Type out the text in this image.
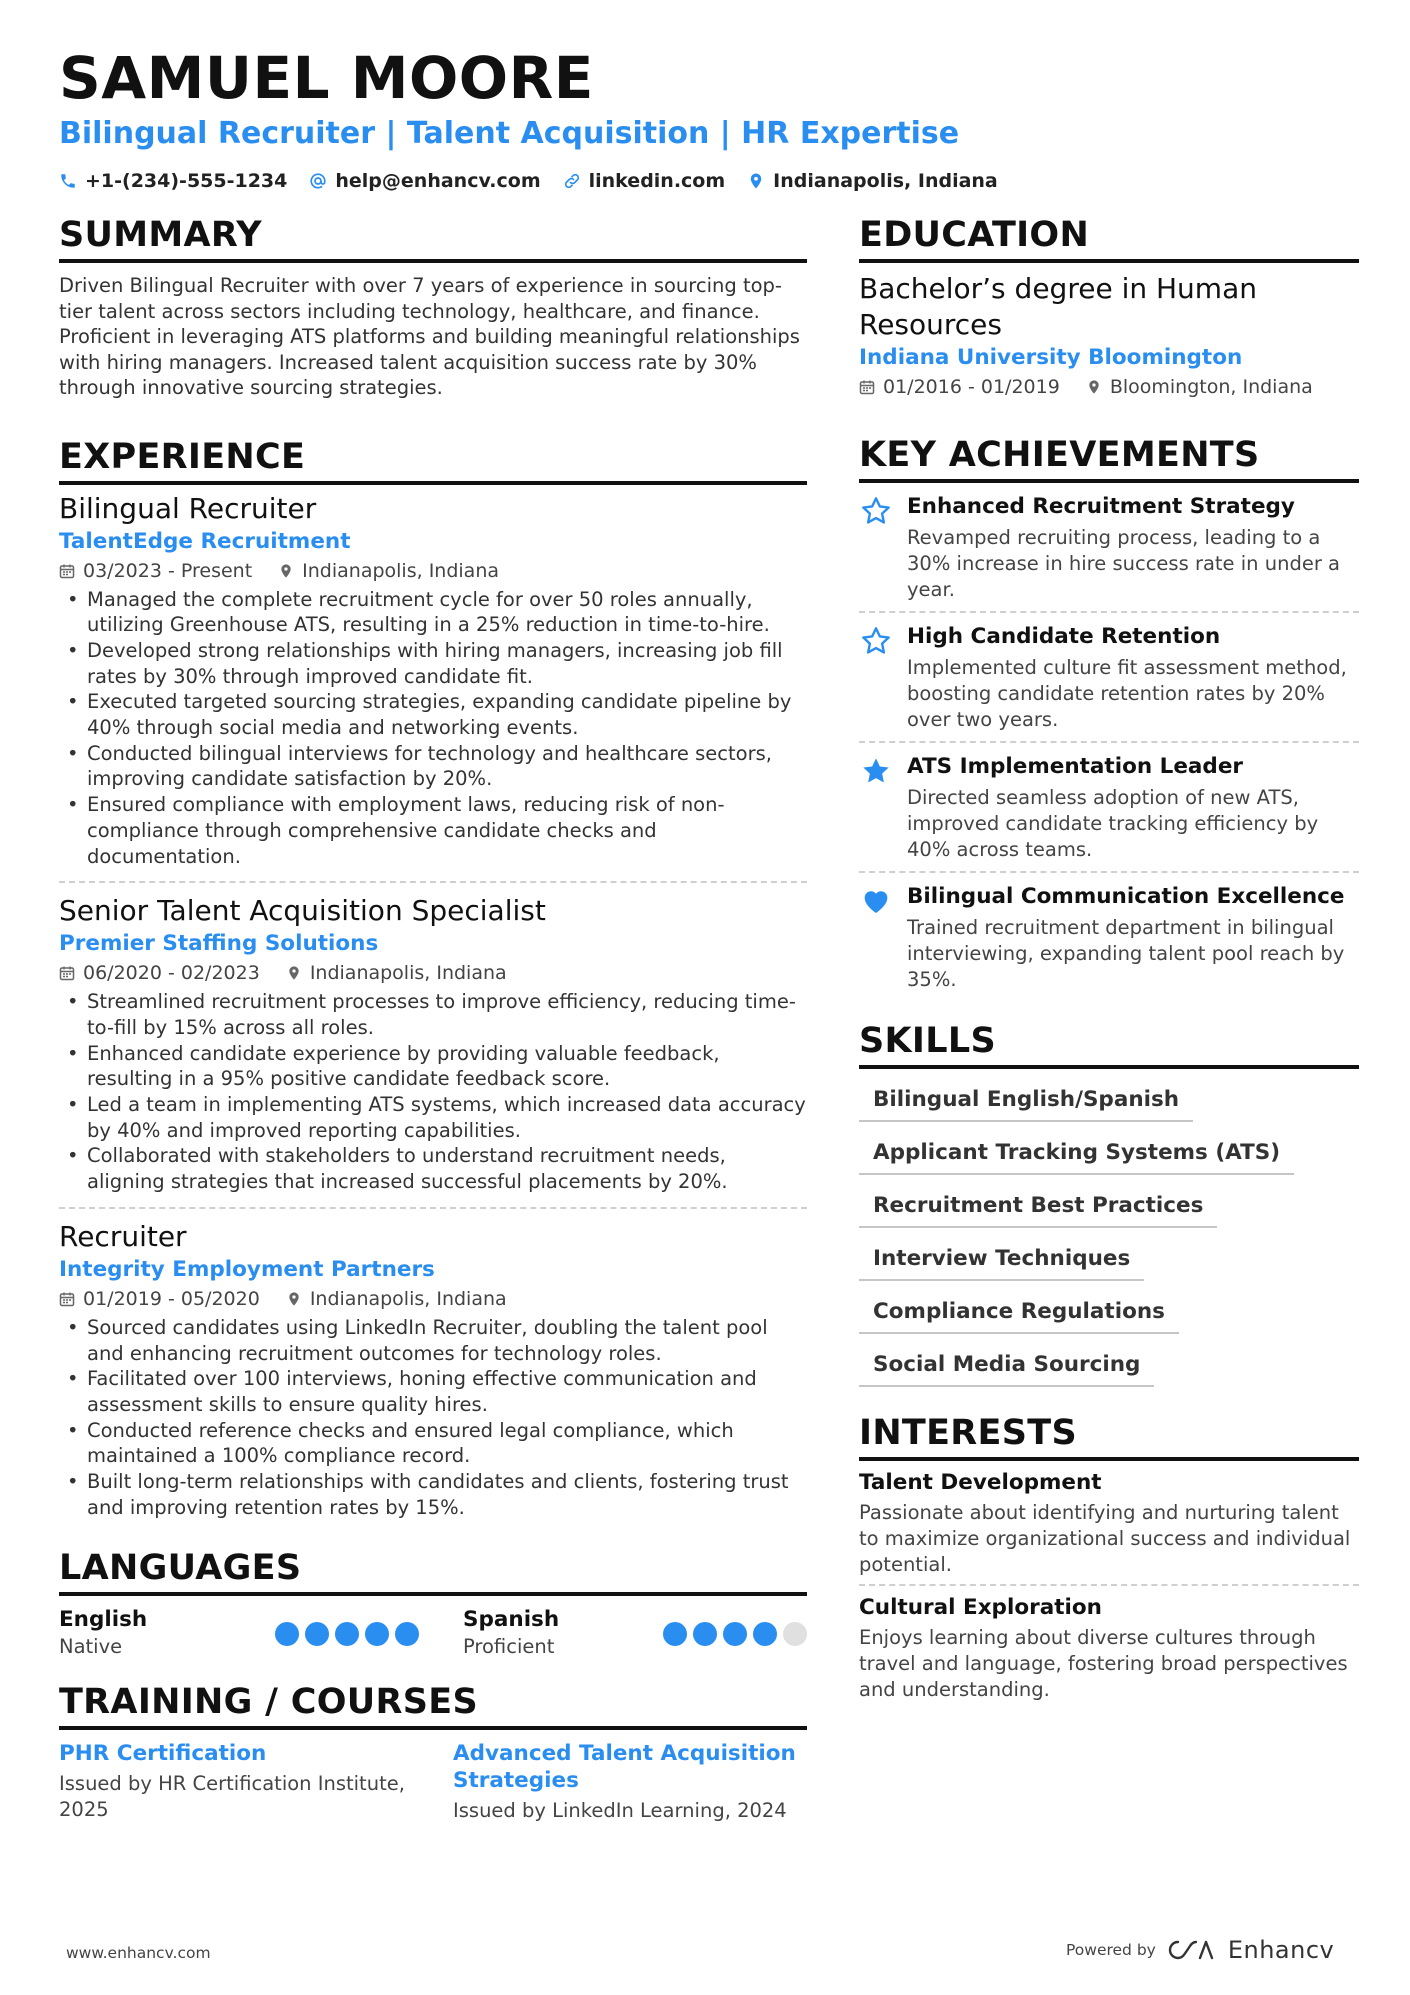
SAMUEL MOORE
Bilingual Recruiter | Talent Acquisition | HR Expertise
+1-(234)-555-1234	help@enhancv.com	linkedin.com	Indianapolis, Indiana
SUMMARY

Driven Bilingual Recruiter with over 7 years of experience in sourcing top-tier talent across sectors including technology, healthcare, and finance. Proficient in leveraging ATS platforms and building meaningful relationships with hiring managers. Increased talent acquisition success rate by 30% through innovative sourcing strategies.

EXPERIENCE
Bilingual Recruiter
TalentEdge Recruitment
03/2023 - Present	Indianapolis, Indiana
• Managed the complete recruitment cycle for over 50 roles annually, utilizing Greenhouse ATS, resulting in a 25% reduction in time-to-hire.
• Developed strong relationships with hiring managers, increasing job fill rates by 30% through improved candidate fit.
• Executed targeted sourcing strategies, expanding candidate pipeline by 40% through social media and networking events.
• Conducted bilingual interviews for technology and healthcare sectors, improving candidate satisfaction by 20%.
• Ensured compliance with employment laws, reducing risk of non-compliance through comprehensive candidate checks and documentation.
Senior Talent Acquisition Specialist
Premier Staffing Solutions
06/2020 - 02/2023	Indianapolis, Indiana
• Streamlined recruitment processes to improve efficiency, reducing time-to-fill by 15% across all roles.
• Enhanced candidate experience by providing valuable feedback, resulting in a 95% positive candidate feedback score.
• Led a team in implementing ATS systems, which increased data accuracy by 40% and improved reporting capabilities.
• Collaborated with stakeholders to understand recruitment needs, aligning strategies that increased successful placements by 20%.
Recruiter
Integrity Employment Partners
01/2019 - 05/2020	Indianapolis, Indiana
• Sourced candidates using LinkedIn Recruiter, doubling the talent pool and enhancing recruitment outcomes for technology roles.
• Facilitated over 100 interviews, honing effective communication and assessment skills to ensure quality hires.
• Conducted reference checks and ensured legal compliance, which maintained a 100% compliance record.
• Built long-term relationships with candidates and clients, fostering trust and improving retention rates by 15%.
LANGUAGES
English
Native
Spanish
Proficient
TRAINING / COURSES
PHR Certification
Issued by HR Certification Institute, 2025
Advanced Talent Acquisition Strategies
Issued by LinkedIn Learning, 2024
EDUCATION
Bachelor’s degree in Human Resources
Indiana University Bloomington
01/2016 - 01/2019	Bloomington, Indiana
KEY ACHIEVEMENTS
Enhanced Recruitment Strategy
Revamped recruiting process, leading to a 30% increase in hire success rate in under a year.
High Candidate Retention
Implemented culture fit assessment method, boosting candidate retention rates by 20% over two years.
ATS Implementation Leader
Directed seamless adoption of new ATS, improved candidate tracking efficiency by 40% across teams.
Bilingual Communication Excellence
Trained recruitment department in bilingual interviewing, expanding talent pool reach by 35%.
SKILLS
Bilingual English/Spanish
Applicant Tracking Systems (ATS)
Recruitment Best Practices
Interview Techniques
Compliance Regulations
Social Media Sourcing
INTERESTS
Talent Development
Passionate about identifying and nurturing talent to maximize organizational success and individual potential.
Cultural Exploration
Enjoys learning about diverse cultures through travel and language, fostering broad perspectives and understanding.
www.enhancv.com	Powered by	Enhancv
